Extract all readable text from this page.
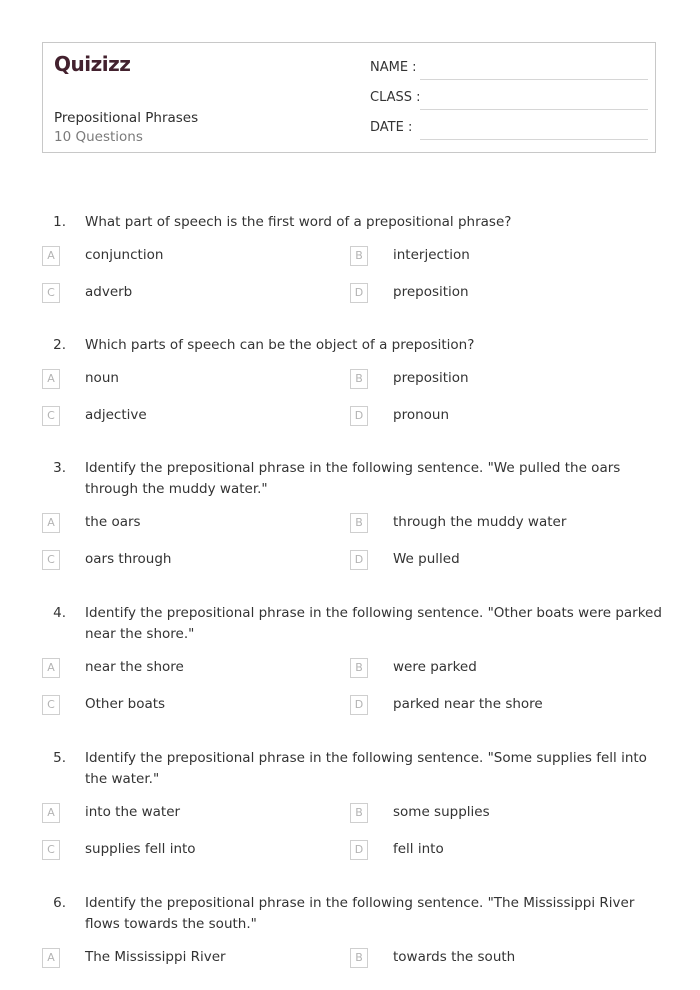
Quizizz
Prepositional Phrases
10 Questions
NAME :
CLASS :
DATE :
1. What part of speech is the first word of a prepositional phrase?
A	conjunction	B	interjection
C	adverb	D	preposition
2. Which parts of speech can be the object of a preposition?
A	noun	B	preposition
C	adjective	D	pronoun
3. Identify the prepositional phrase in the following sentence. "We pulled the oars through the muddy water."
A	the oars	B	through the muddy water
C	oars through	D	We pulled
4. Identify the prepositional phrase in the following sentence. "Other boats were parked near the shore."
A	near the shore	B	were parked
C	Other boats	D	parked near the shore
5. Identify the prepositional phrase in the following sentence. "Some supplies fell into the water."
A	into the water	B	some supplies
C	supplies fell into	D	fell into
6. Identify the prepositional phrase in the following sentence. "The Mississippi River flows towards the south."
A	The Mississippi River	B	towards the south
